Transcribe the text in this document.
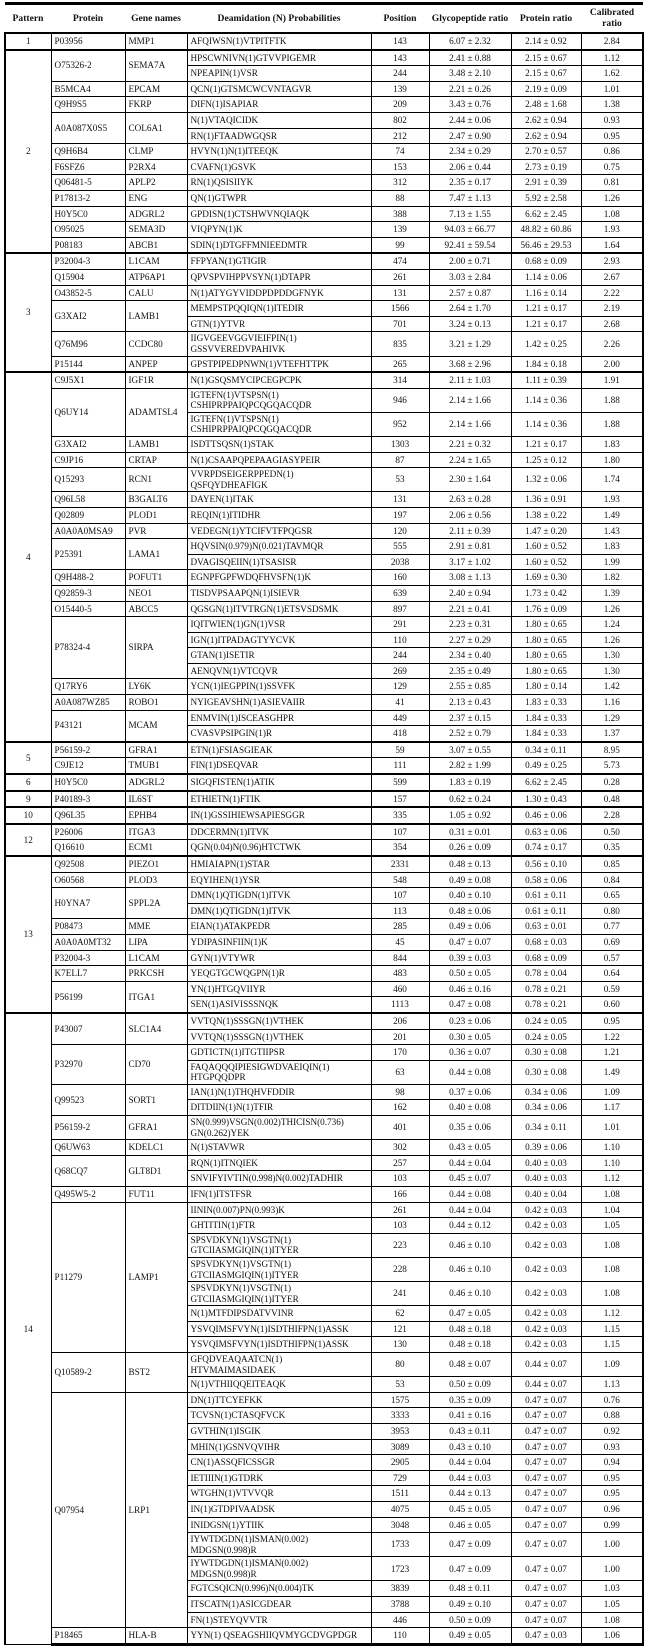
Pattern	Protein	Gene names	Deamidation (N) Probabilities	Position	Glycopeptide ratio	Protein ratio	Calibrated ratio
1	P03956	MMP1	AFQIWSN(1)VTPITFTK	143	6.07 ± 2.32	2.14 ± 0.92	2.84
2	O75326-2	SEMA7A	HPSCWNIVN(1)GTVVPIGEMR	143	2.41 ± 0.88	2.15 ± 0.67	1.12
			NPEAPIN(1)VSR	244	3.48 ± 2.10	2.15 ± 0.67	1.62
	B5MCA4	EPCAM	QCN(1)GTSMCWCVNTAGVR	139	2.21 ± 0.26	2.19 ± 0.09	1.01
	Q9H9S5	FKRP	DIFN(1)ISAPIAR	209	3.43 ± 0.76	2.48 ± 1.68	1.38
	A0A087X0S5	COL6A1	N(1)VTAQICIDK	802	2.44 ± 0.06	2.62 ± 0.94	0.93
			RN(1)FTAADWGQSR	212	2.47 ± 0.90	2.62 ± 0.94	0.95
	Q9H6B4	CLMP	HVYN(1)N(1)ITEEQK	74	2.34 ± 0.29	2.70 ± 0.57	0.86
	F6SFZ6	P2RX4	CVAFN(1)GSVK	153	2.06 ± 0.44	2.73 ± 0.19	0.75
	Q06481-5	APLP2	RN(1)QSISIIYK	312	2.35 ± 0.17	2.91 ± 0.39	0.81
	P17813-2	ENG	QN(1)GTWPR	88	7.47 ± 1.13	5.92 ± 2.58	1.26
	H0Y5C0	ADGRL2	GPDISN(1)CTSHWVNQIAQK	388	7.13 ± 1.55	6.62 ± 2.45	1.08
	O95025	SEMA3D	VIQPYN(1)K	139	94.03 ± 66.77	48.82 ± 60.86	1.93
	P08183	ABCB1	SDIN(1)DTGFFMNIEEDMTR	99	92.41 ± 59.54	56.46 ± 29.53	1.64
3	P32004-3	L1CAM	FFPYAN(1)GTIGIR	474	2.00 ± 0.71	0.68 ± 0.09	2.93
	Q15904	ATP6AP1	QPVSPVIHPPVSYN(1)DTAPR	261	3.03 ± 2.84	1.14 ± 0.06	2.67
	O43852-5	CALU	N(1)ATYGYVIDDPDPDDGFNYK	131	2.57 ± 0.87	1.16 ± 0.14	2.22
	G3XAI2	LAMB1	MEMPSTPQQIQN(1)ITEDIR	1566	2.64 ± 1.70	1.21 ± 0.17	2.19
			GTN(1)YTVR	701	3.24 ± 0.13	1.21 ± 0.17	2.68
	Q76M96	CCDC80	IIGVGEEVGGVIEIFPIN(1) GSSVVEREDVPAHIVK	835	3.21 ± 1.29	1.42 ± 0.25	2.26
	P15144	ANPEP	GPSTPIPEDPNWN(1)VTEFHTTPK	265	3.68 ± 2.96	1.84 ± 0.18	2.00
4	C9J5X1	IGF1R	N(1)GSQSMYCIPCEGPCPK	314	2.11 ± 1.03	1.11 ± 0.39	1.91
	Q6UY14	ADAMTSL4	IGTEFN(1)VTSPSN(1) CSHIPRPPAIQPCQGQACQDR	946	2.14 ± 1.66	1.14 ± 0.36	1.88
			IGTEFN(1)VTSPSN(1) CSHIPRPPAIQPCQGQACQDR	952	2.14 ± 1.66	1.14 ± 0.36	1.88
	G3XAI2	LAMB1	ISDTTSQSN(1)STAK	1303	2.21 ± 0.32	1.21 ± 0.17	1.83
	C9JP16	CRTAP	N(1)CSAAPQPEPAAGIASYPEIR	87	2.24 ± 1.65	1.25 ± 0.12	1.80
	Q15293	RCN1	VVRPDSEIGERPPEDN(1) QSFQYDHEAFIGK	53	2.30 ± 1.64	1.32 ± 0.06	1.74
	Q96L58	B3GALT6	DAYEN(1)ITAK	131	2.63 ± 0.28	1.36 ± 0.91	1.93
	Q02809	PLOD1	REQIN(1)ITIDHR	197	2.06 ± 0.56	1.38 ± 0.22	1.49
	A0A0A0MSA9	PVR	VEDEGN(1)YTCIFVTFPQGSR	120	2.11 ± 0.39	1.47 ± 0.20	1.43
	P25391	LAMA1	HQVSIN(0.979)N(0.021)TAVMQR	555	2.91 ± 0.81	1.60 ± 0.52	1.83
			DVAGISQEIIN(1)TSASISR	2038	3.17 ± 1.02	1.60 ± 0.52	1.99
	Q9H488-2	POFUT1	EGNPFGPFWDQFHVSFN(1)K	160	3.08 ± 1.13	1.69 ± 0.30	1.82
	Q92859-3	NEO1	TISDVPSAAPQN(1)ISIEVR	639	2.40 ± 0.94	1.73 ± 0.42	1.39
	O15440-5	ABCC5	QGSGN(1)ITVTRGN(1)ETSVSDSMK	897	2.21 ± 0.41	1.76 ± 0.09	1.26
	P78324-4	SIRPA	IQITWIEN(1)GN(1)VSR	291	2.23 ± 0.31	1.80 ± 0.65	1.24
			IGN(1)ITPADAGTYYCVK	110	2.27 ± 0.29	1.80 ± 0.65	1.26
			GTAN(1)ISETIR	244	2.34 ± 0.40	1.80 ± 0.65	1.30
			AENQVN(1)VTCQVR	269	2.35 ± 0.49	1.80 ± 0.65	1.30
	Q17RY6	LY6K	YCN(1)IEGPPIN(1)SSVFK	129	2.55 ± 0.85	1.80 ± 0.14	1.42
	A0A087WZ85	ROBO1	NYIGEAVSHN(1)ASIEVAIIR	41	2.13 ± 0.43	1.83 ± 0.33	1.16
	P43121	MCAM	ENMVIN(1)ISCEASGHPR	449	2.37 ± 0.15	1.84 ± 0.33	1.29
			CVASVPSIPGIN(1)R	418	2.52 ± 0.79	1.84 ± 0.33	1.37
5	P56159-2	GFRA1	ETN(1)FSIASGIEAK	59	3.07 ± 0.55	0.34 ± 0.11	8.95
	C9JE12	TMUB1	FIN(1)DSEQVAR	111	2.82 ± 1.99	0.49 ± 0.25	5.73
6	H0Y5C0	ADGRL2	SIGQFISTEN(1)ATIK	599	1.83 ± 0.19	6.62 ± 2.45	0.28
9	P40189-3	IL6ST	ETHIETN(1)FTIK	157	0.62 ± 0.24	1.30 ± 0.43	0.48
10	Q96L35	EPHB4	IN(1)GSSIHIEWSAPIESGGR	335	1.05 ± 0.92	0.46 ± 0.06	2.28
12	P26006	ITGA3	DDCERMN(1)ITVK	107	0.31 ± 0.01	0.63 ± 0.06	0.50
	Q16610	ECM1	QGN(0.04)N(0.96)HTCTWK	354	0.26 ± 0.09	0.74 ± 0.17	0.35
13	Q92508	PIEZO1	HMIAIAPN(1)STAR	2331	0.48 ± 0.13	0.56 ± 0.10	0.85
	O60568	PLOD3	EQYIHEN(1)YSR	548	0.49 ± 0.08	0.58 ± 0.06	0.84
	H0YNA7	SPPL2A	DMN(1)QTIGDN(1)ITVK	107	0.40 ± 0.10	0.61 ± 0.11	0.65
			DMN(1)QTIGDN(1)ITVK	113	0.48 ± 0.06	0.61 ± 0.11	0.80
	P08473	MME	EIAN(1)ATAKPEDR	285	0.49 ± 0.06	0.63 ± 0.01	0.77
	A0A0A0MT32	LIPA	YDIPASINFIIN(1)K	45	0.47 ± 0.07	0.68 ± 0.03	0.69
	P32004-3	L1CAM	GYN(1)VTYWR	844	0.39 ± 0.03	0.68 ± 0.09	0.57
	K7ELL7	PRKCSH	YEQGTGCWQGPN(1)R	483	0.50 ± 0.05	0.78 ± 0.04	0.64
	P56199	ITGA1	YN(1)HTGQVIIYR	460	0.46 ± 0.16	0.78 ± 0.21	0.59
			SEN(1)ASIVISSSNQK	1113	0.47 ± 0.08	0.78 ± 0.21	0.60
14	P43007	SLC1A4	VVTQN(1)SSSGN(1)VTHEK	206	0.23 ± 0.06	0.24 ± 0.05	0.95
			VVTQN(1)SSSGN(1)VTHEK	201	0.30 ± 0.05	0.24 ± 0.05	1.22
	P32970	CD70	GDTICTN(1)ITGTIIPSR	170	0.36 ± 0.07	0.30 ± 0.08	1.21
			FAQAQQQIPIESIGWDVAEIQIN(1) HTGPQQDPR	63	0.44 ± 0.08	0.30 ± 0.08	1.49
	Q99523	SORT1	IAN(1)N(1)THQHVFDDIR	98	0.37 ± 0.06	0.34 ± 0.06	1.09
			DITDIIN(1)N(1)TFIR	162	0.40 ± 0.08	0.34 ± 0.06	1.17
	P56159-2	GFRA1	SN(0.999)VSGN(0.002)THICISN(0.736) GN(0.262)YEK	401	0.35 ± 0.06	0.34 ± 0.11	1.01
	Q6UW63	KDELC1	N(1)STAVWR	302	0.43 ± 0.05	0.39 ± 0.06	1.10
	Q68CQ7	GLT8D1	RQN(1)ITNQIEK	257	0.44 ± 0.04	0.40 ± 0.03	1.10
			SNVIFYIVTIN(0.998)N(0.002)TADHIR	103	0.45 ± 0.07	0.40 ± 0.03	1.12
	Q495W5-2	FUT11	IFN(1)ITSTFSR	166	0.44 ± 0.08	0.40 ± 0.04	1.08
	P11279	LAMP1	IININ(0.007)PN(0.993)K	261	0.44 ± 0.04	0.42 ± 0.03	1.04
			GHTITIN(1)FTR	103	0.44 ± 0.12	0.42 ± 0.03	1.05
			SPSVDKYN(1)VSGTN(1) GTCIIASMGIQIN(1)ITYER	223	0.46 ± 0.10	0.42 ± 0.03	1.08
			SPSVDKYN(1)VSGTN(1) GTCIIASMGIQIN(1)ITYER	228	0.46 ± 0.10	0.42 ± 0.03	1.08
			SPSVDKYN(1)VSGTN(1) GTCIIASMGIQIN(1)ITYER	241	0.46 ± 0.10	0.42 ± 0.03	1.08
			N(1)MTFDIPSDATVVINR	62	0.47 ± 0.05	0.42 ± 0.03	1.12
			YSVQIMSFVYN(1)ISDTHIFPN(1)ASSK	121	0.48 ± 0.18	0.42 ± 0.03	1.15
			YSVQIMSFVYN(1)ISDTHIFPN(1)ASSK	130	0.48 ± 0.18	0.42 ± 0.03	1.15
	Q10589-2	BST2	GFQDVEAQAATCN(1) HTVMAIMASIDAEK	80	0.48 ± 0.07	0.44 ± 0.07	1.09
			N(1)VTHIIQQEITEAQK	53	0.50 ± 0.09	0.44 ± 0.07	1.13
	Q07954	LRP1	DN(1)TTCYEFKK	1575	0.35 ± 0.09	0.47 ± 0.07	0.76
			TCVSN(1)CTASQFVCK	3333	0.41 ± 0.16	0.47 ± 0.07	0.88
			GVTHIN(1)ISGIK	3953	0.43 ± 0.11	0.47 ± 0.07	0.92
			MHIN(1)GSNVQVIHR	3089	0.43 ± 0.10	0.47 ± 0.07	0.93
			CN(1)ASSQFICSSGR	2905	0.44 ± 0.04	0.47 ± 0.07	0.94
			IETIIIN(1)GTDRK	729	0.44 ± 0.03	0.47 ± 0.07	0.95
			WTGHN(1)VTVVQR	1511	0.44 ± 0.13	0.47 ± 0.07	0.95
			IN(1)GTDPIVAADSK	4075	0.45 ± 0.05	0.47 ± 0.07	0.96
			INIDGSN(1)YTIIK	3048	0.46 ± 0.05	0.47 ± 0.07	0.99
			IYWTDGDN(1)ISMAN(0.002) MDGSN(0.998)R	1733	0.47 ± 0.09	0.47 ± 0.07	1.00
			IYWTDGDN(1)ISMAN(0.002) MDGSN(0.998)R	1723	0.47 ± 0.09	0.47 ± 0.07	1.00
			FGTCSQICN(0.996)N(0.004)TK	3839	0.48 ± 0.11	0.47 ± 0.07	1.03
			ITSCATN(1)ASICGDEAR	3788	0.49 ± 0.10	0.47 ± 0.07	1.05
			FN(1)STEYQVVTR	446	0.50 ± 0.09	0.47 ± 0.07	1.08
	P18465	HLA-B	YYN(1) QSEAGSHIIQVMYGCDVGPDGR	110	0.49 ± 0.05	0.47 ± 0.03	1.06
